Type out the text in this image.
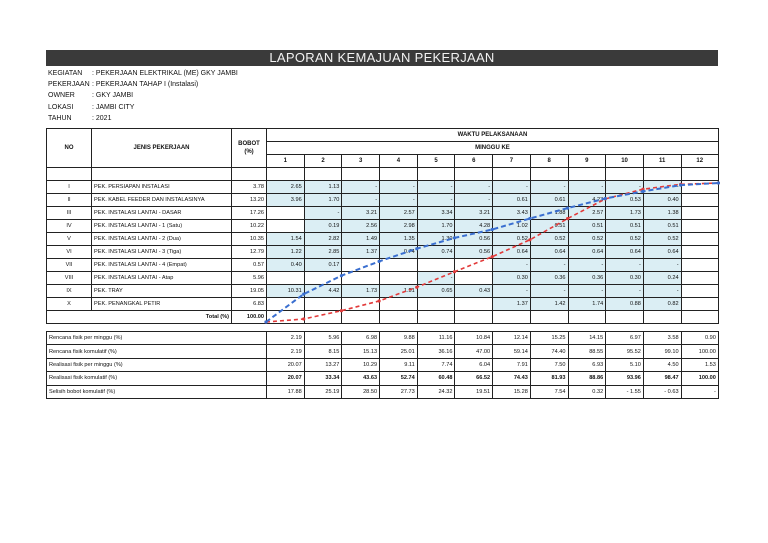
LAPORAN KEMAJUAN PEKERJAAN
KEGIATAN	: PEKERJAAN ELEKTRIKAL (ME) GKY JAMBI
PEKERJAAN : PEKERJAAN TAHAP I (Instalasi)
OWNER	: GKY JAMBI
LOKASI	: JAMBI CITY
TAHUN	: 2021
NO	JENIS PEKERJAAN	BOBOT (%)	WAKTU PELAKSANAAN											
			MINGGU KE											
			1	2	3	4	5	6	7	8	9	10	11	12

I	PEK. PERSIAPAN INSTALASI	3.78	2.65	1.13	-	-	-	-	-	-	-	-	-	
II	PEK. KABEL FEEDER DAN INSTALASINYA	13.20	3.96	1.70	-	-	-	-	0.61	0.61	4.23	0.53	0.40	
III	PEK. INSTALASI LANTAI - DASAR	17.26		-	3.21	2.57	3.34	3.21	3.43	1.88	2.57	1.73	1.38	
IV	PEK. INSTALASI LANTAI - 1 (Satu)	10.22		0.19	2.56	2.98	1.70	4.28	1.02	0.51	0.51	0.51	0.51	
V	PEK. INSTALASI LANTAI - 2 (Dua)	10.35	1.54	2.82	1.49	1.35	1.30	0.56	0.52	0.52	0.52	0.52	0.52	
VI	PEK. INSTALASI LANTAI - 3 (Tiga)	12.79	1.22	2.85	1.37	0.74	0.74	0.56	0.64	0.64	0.64	0.64	0.64	
VII	PEK. INSTALASI LANTAI - 4 (Empat)	0.57	0.40	0.17					-	-	-	-	-	
VIII	PEK. INSTALASI LANTAI - Atap	5.96					-		0.30	0.36	0.36	0.30	0.24	
IX	PEK. TRAY	19.05	10.31	4.42	1.73	1.51	0.65	0.43	-	-	-	-	-	
X	PEK. PENANGKAL PETIR	6.83							1.37	1.42	1.74	0.88	0.82	
Total (%)		100.00												
Rencana fisik per minggu (%)	2.19	5.96	6.98	9.88	11.16	10.84	12.14	15.25	14.15	6.97	3.58	0.90
Rencana fisik komulatif (%)	2.19	8.15	15.13	25.01	36.16	47.00	59.14	74.40	88.55	95.52	99.10	100.00
Realisasi fisik per minggu (%)	20.07	13.27	10.29	9.11	7.74	6.04	7.91	7.50	6.93	5.10	4.50	1.53
Realisasi fisik komulatif (%)	20.07	33.34	43.63	52.74	60.48	66.52	74.43	81.93	88.86	93.96	98.47	100.00
Selisih bobot komulatif (%)	17.88	25.19	28.50	27.73	24.32	19.51	15.28	7.54	0.32	- 1.55	- 0.63	-
